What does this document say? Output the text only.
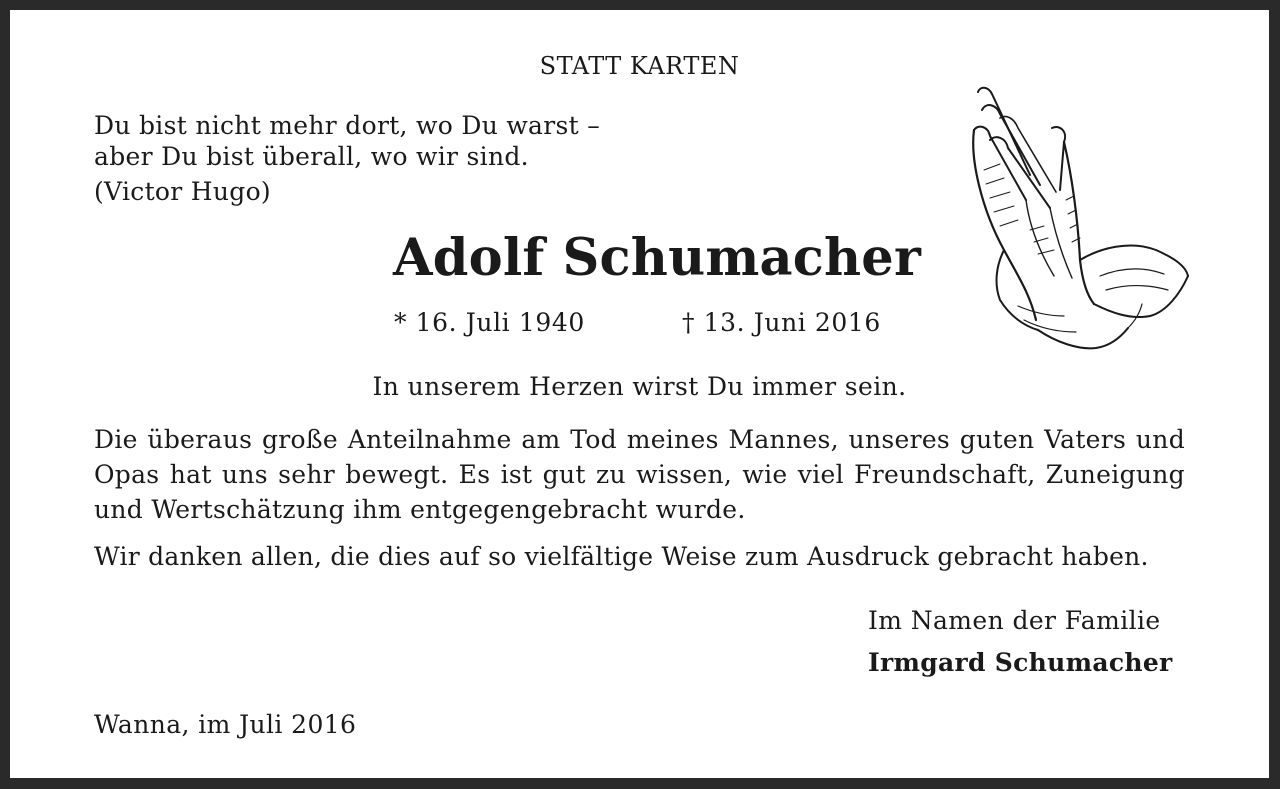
STATT KARTEN
Du bist nicht mehr dort, wo Du warst –
aber Du bist überall, wo wir sind.
(Victor Hugo)
Adolf Schumacher
* 16. Juli 1940	† 13. Juni 2016
In unserem Herzen wirst Du immer sein.
Die überaus große Anteilnahme am Tod meines Mannes, unseres guten Vaters und Opas hat uns sehr bewegt. Es ist gut zu wissen, wie viel Freundschaft, Zuneigung und Wertschätzung ihm entgegengebracht wurde.
Wir danken allen, die dies auf so vielfältige Weise zum Ausdruck gebracht haben.
Im Namen der Familie
Irmgard Schumacher
Wanna, im Juli 2016
